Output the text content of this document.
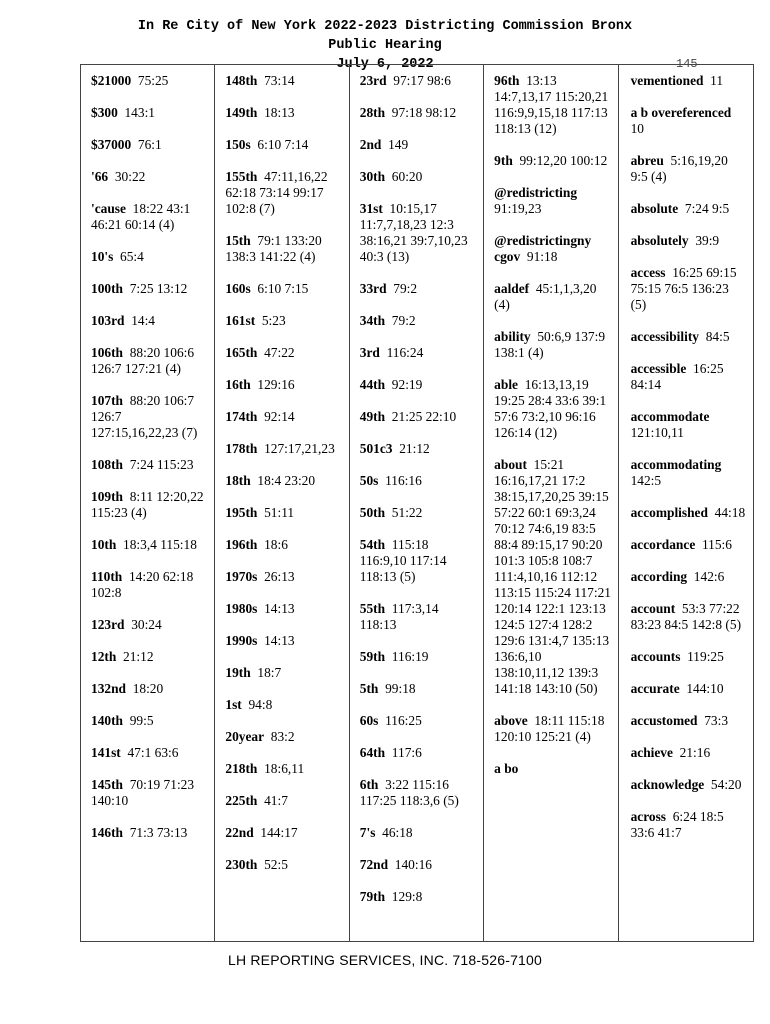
In Re City of New York 2022-2023 Districting Commission Bronx
Public Hearing
July 6, 2022	145
$21000 75:25
$300 143:1
$37000 76:1
'66 30:22
'cause 18:22 43:1 46:21 60:14 (4)
10's 65:4
100th 7:25 13:12
103rd 14:4
106th 88:20 106:6 126:7 127:21 (4)
107th 88:20 106:7 126:7 127:15,16,22,23 (7)
108th 7:24 115:23
109th 8:11 12:20,22 115:23 (4)
10th 18:3,4 115:18
110th 14:20 62:18 102:8
123rd 30:24
12th 21:12
132nd 18:20
140th 99:5
141st 47:1 63:6
145th 70:19 71:23 140:10
146th 71:3 73:13
148th 73:14
149th 18:13
150s 6:10 7:14
155th 47:11,16,22 62:18 73:14 99:17 102:8 (7)
15th 79:1 133:20 138:3 141:22 (4)
160s 6:10 7:15
161st 5:23
165th 47:22
16th 129:16
174th 92:14
178th 127:17,21,23
18th 18:4 23:20
195th 51:11
196th 18:6
1970s 26:13
1980s 14:13
1990s 14:13
19th 18:7
1st 94:8
20year 83:2
218th 18:6,11
225th 41:7
22nd 144:17
230th 52:5
23rd 97:17 98:6
28th 97:18 98:12
2nd 149
30th 60:20
31st 10:15,17 11:7,7,18,23 12:3 38:16,21 39:7,10,23 40:3 (13)
33rd 79:2
34th 79:2
3rd 116:24
44th 92:19
49th 21:25 22:10
501c3 21:12
50s 116:16
50th 51:22
54th 115:18 116:9,10 117:14 118:13 (5)
55th 117:3,14 118:13
59th 116:19
5th 99:18
60s 116:25
64th 117:6
6th 3:22 115:16 117:25 118:3,6 (5)
7's 46:18
72nd 140:16
79th 129:8
96th 13:13 14:7,13,17 115:20,21 116:9,9,15,18 117:13 118:13 (12)
9th 99:12,20 100:12
@redistricting  91:19,23
@redistrictingny cgov 91:18
aaldef 45:1,1,3,20 (4)
ability 50:6,9 137:9 138:1 (4)
able 16:13,13,19 19:25 28:4 33:6 39:1 57:6 73:2,10 96:16 126:14 (12)
about 15:21 16:16,17,21 17:2 38:15,17,20,25 39:15 57:22 60:1 69:3,24 70:12 74:6,19 83:5 88:4 89:15,17 90:20 101:3 105:8 108:7 111:4,10,16 112:12 113:15 115:24 117:21 120:14 122:1 123:13 124:5 127:4 128:2 129:6 131:4,7 135:13 136:6,10 138:10,11,12 139:3 141:18 143:10 (50)
above 18:11 115:18 120:10 125:21 (4)
a bo
vementioned 11
a b overeferenced  10
abreu 5:16,19,20 9:5 (4)
absolute 7:24 9:5
absolutely 39:9
access 16:25 69:15 75:15 76:5 136:23 (5)
accessibility 84:5
accessible 16:25 84:14
accommodate  121:10,11
accommodating  142:5
accomplished 44:18
accordance 115:6
according 142:6
account 53:3 77:22 83:23 84:5 142:8 (5)
accounts 119:25
accurate 144:10
accustomed 73:3
achieve 21:16
acknowledge 54:20
across 6:24 18:5 33:6 41:7
LH REPORTING SERVICES, INC. 718-526-7100
